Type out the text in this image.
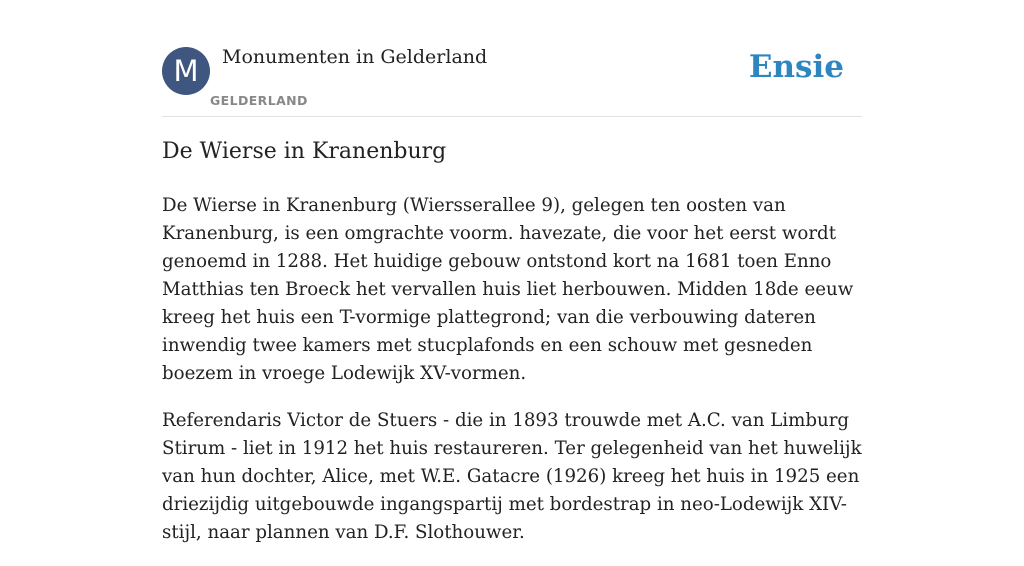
M	Monumenten in Gelderland
GELDERLAND
Ensie
De Wierse in Kranenburg

De Wierse in Kranenburg (Wiersserallee 9), gelegen ten oosten van Kranenburg, is een omgrachte voorm. havezate, die voor het eerst wordt genoemd in 1288. Het huidige gebouw ontstond kort na 1681 toen Enno Matthias ten Broeck het vervallen huis liet herbouwen. Midden 18de eeuw kreeg het huis een T-vormige plattegrond; van die verbouwing dateren inwendig twee kamers met stucplafonds en een schouw met gesneden boezem in vroege Lodewijk XV-vormen.

Referendaris Victor de Stuers - die in 1893 trouwde met A.C. van Limburg Stirum - liet in 1912 het huis restaureren. Ter gelegenheid van het huwelijk van hun dochter, Alice, met W.E. Gatacre (1926) kreeg het huis in 1925 een driezijdig uitgebouwde ingangspartij met bordestrap in neo-Lodewijk XIV-stijl, naar plannen van D.F. Slothouwer.
